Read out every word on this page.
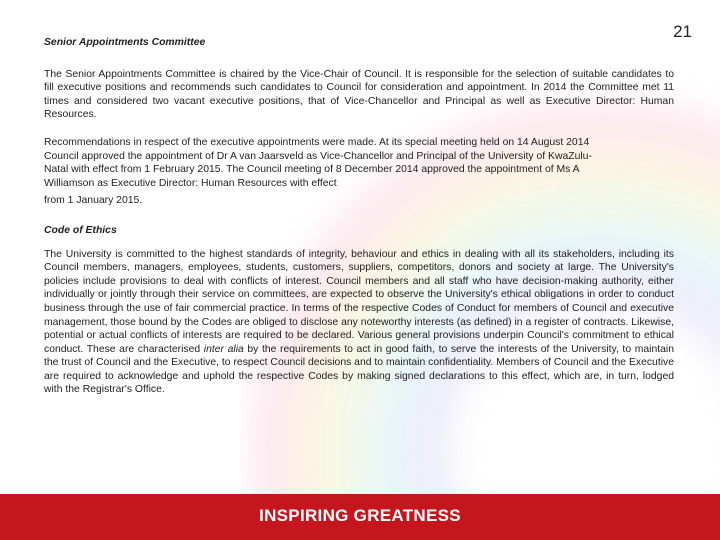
21
Senior Appointments Committee

The Senior Appointments Committee is chaired by the Vice-Chair of Council. It is responsible for the selection of suitable candidates to fill executive positions and recommends such candidates to Council for consideration and appointment. In 2014 the Committee met 11 times and considered two vacant executive positions, that of Vice-Chancellor and Principal as well as Executive Director: Human Resources.

Recommendations in respect of the executive appointments were made. At its special meeting held on 14 August 2014
Council approved the appointment of Dr A van Jaarsveld as Vice-Chancellor and Principal of the University of KwaZulu-
Natal with effect from 1 February 2015. The Council meeting of 8 December 2014 approved the appointment of Ms A
Williamson as Executive Director: Human Resources with effect
from 1 January 2015.
Code of Ethics

The University is committed to the highest standards of integrity, behaviour and ethics in dealing with all its stakeholders, including its Council members, managers, employees, students, customers, suppliers, competitors, donors and society at large. The University's policies include provisions to deal with conflicts of interest. Council members and all staff who have decision-making authority, either individually or jointly through their service on committees, are expected to observe the University's ethical obligations in order to conduct business through the use of fair commercial practice. In terms of the respective Codes of Conduct for members of Council and executive management, those bound by the Codes are obliged to disclose any noteworthy interests (as defined) in a register of contracts. Likewise, potential or actual conflicts of interests are required to be declared. Various general provisions underpin Council's commitment to ethical conduct. These are characterised inter alia by the requirements to act in good faith, to serve the interests of the University, to maintain the trust of Council and the Executive, to respect Council decisions and to maintain confidentiality. Members of Council and the Executive are required to acknowledge and uphold the respective Codes by making signed declarations to this effect, which are, in turn, lodged with the Registrar's Office.

INSPIRING GREATNESS
